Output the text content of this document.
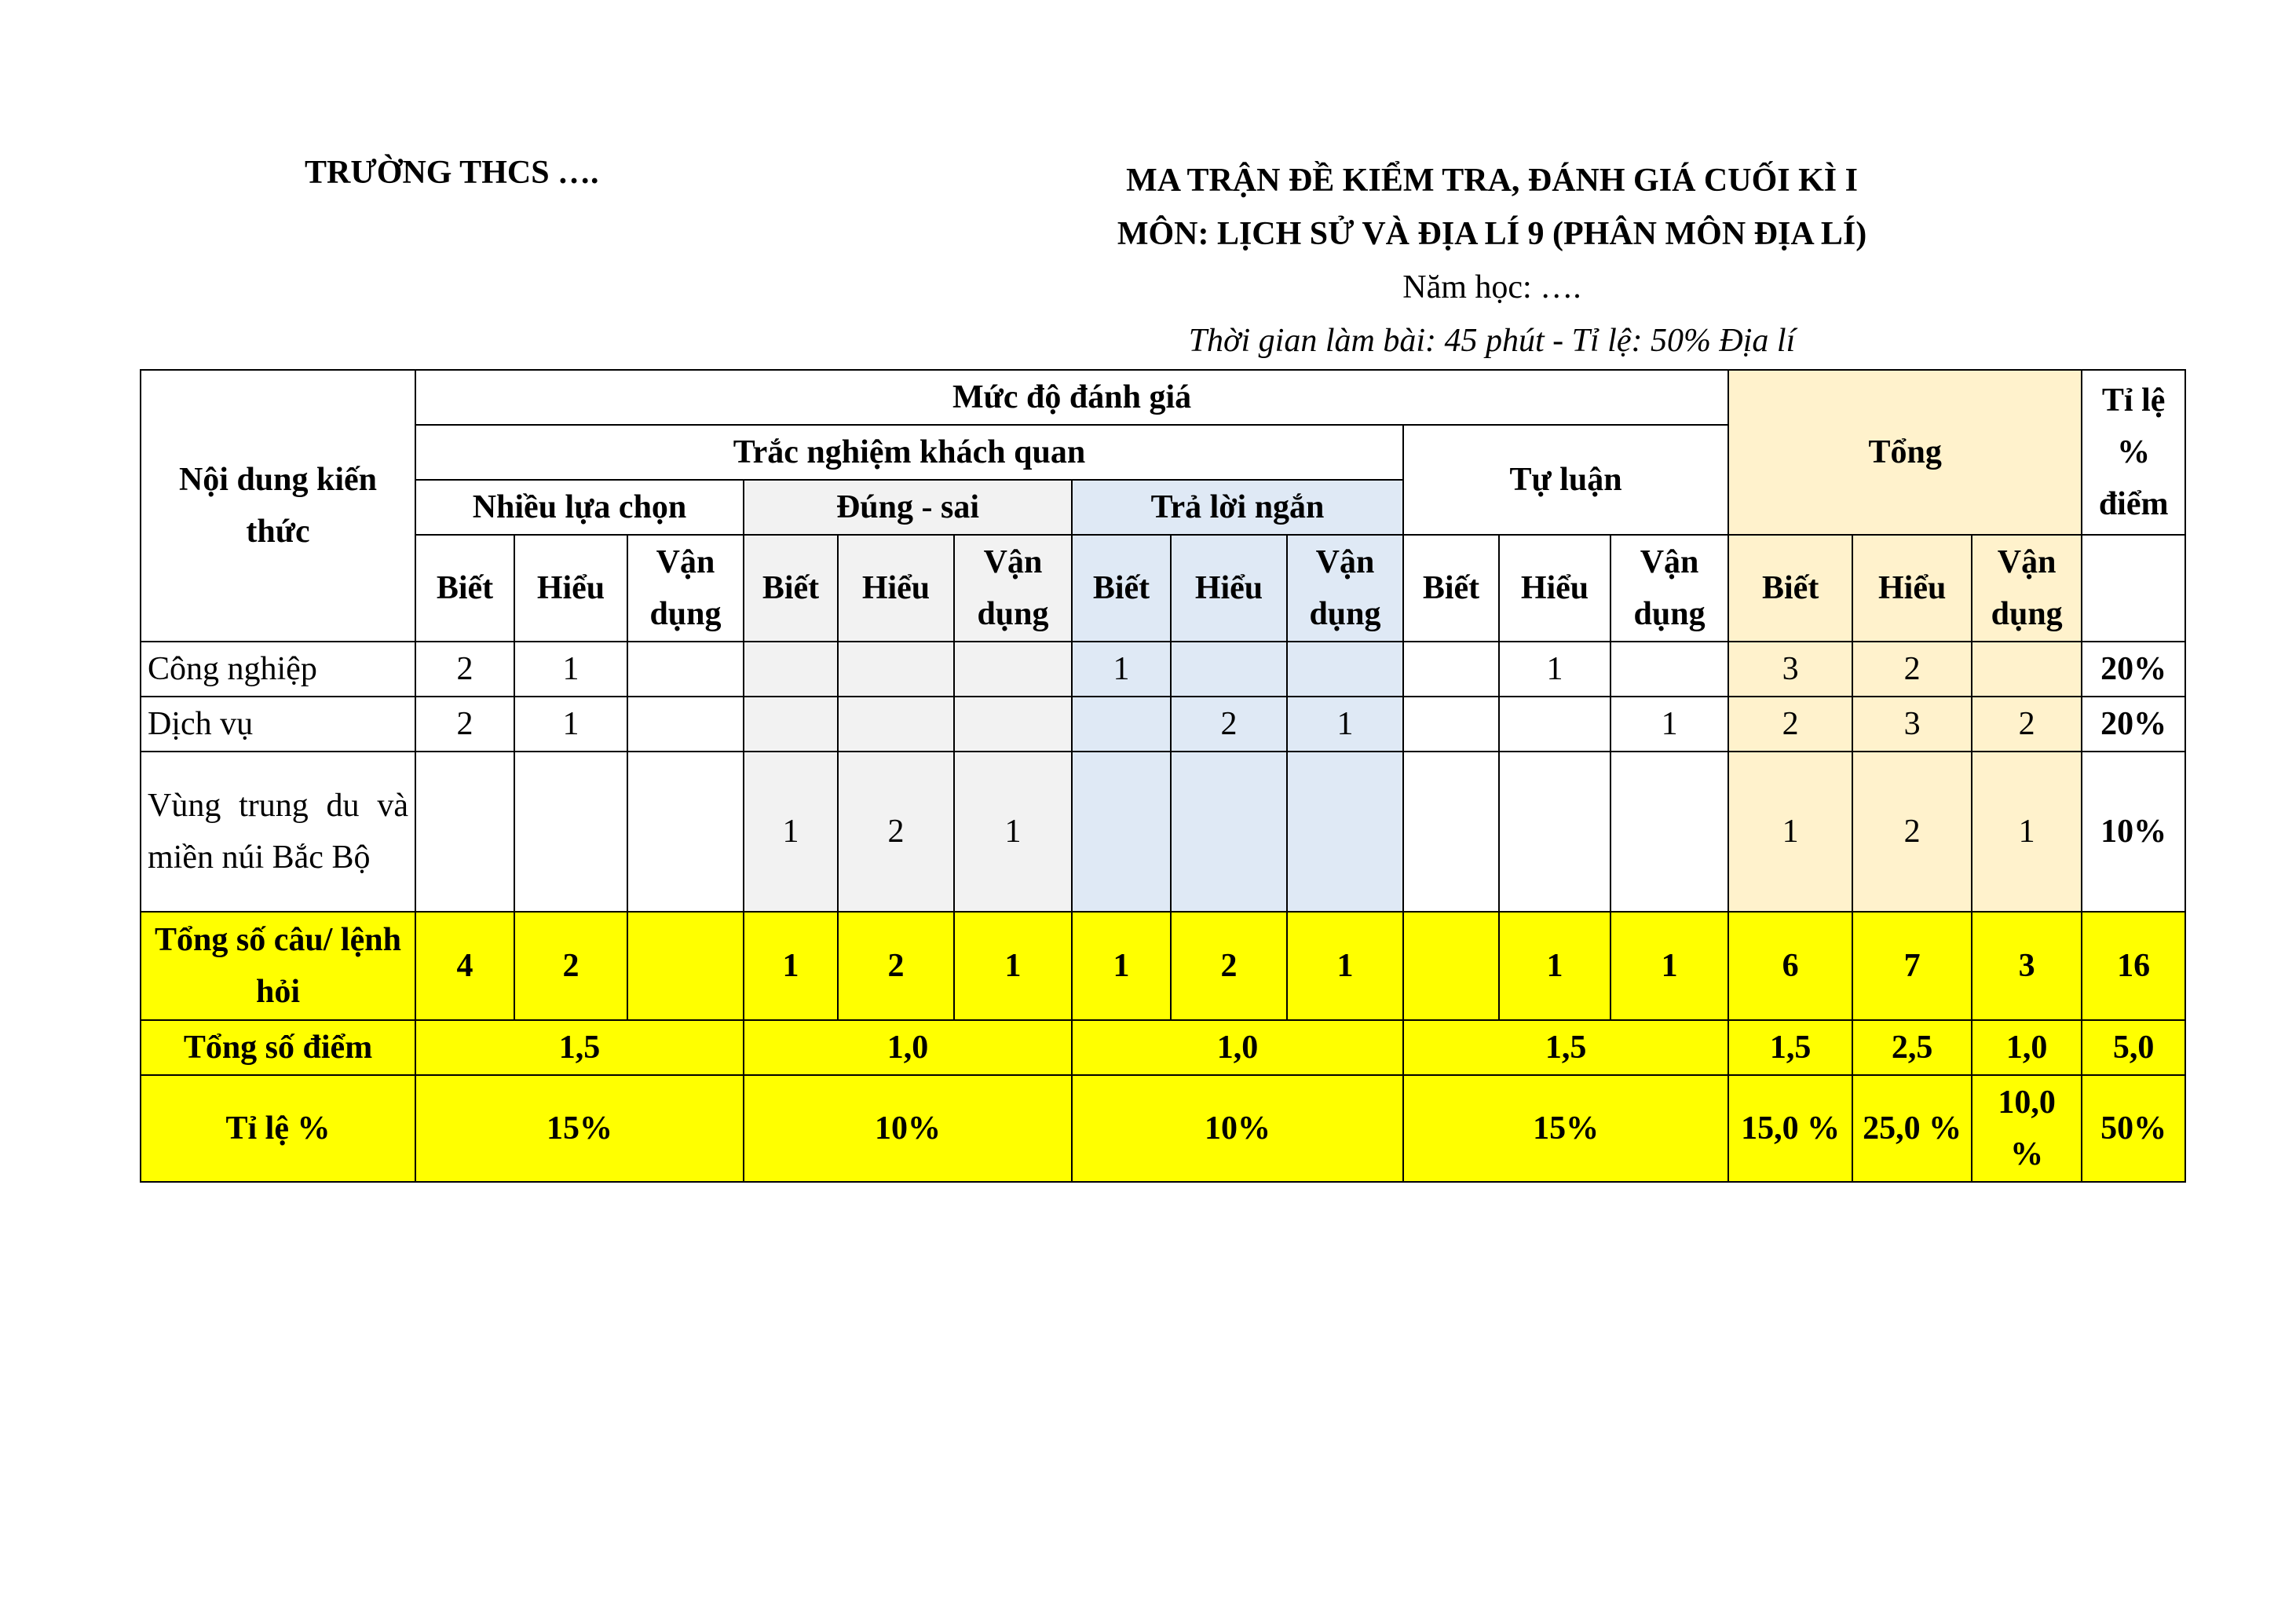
TRƯỜNG THCS ….	MA TRẬN ĐỀ KIỂM TRA, ĐÁNH GIÁ CUỐI KÌ I
MÔN: LỊCH SỬ VÀ ĐỊA LÍ 9 (PHÂN MÔN ĐỊA LÍ)
Năm học: ….
Thời gian làm bài: 45 phút - Tỉ lệ: 50% Địa lí
Nội dung kiến thức	Mức độ đánh giá												Tổng			Tỉ lệ % điểm
	Trắc nghiệm khách quan									Tự luận						
	Nhiều lựa chọn			Đúng - sai			Trả lời ngắn									
	Biết	Hiểu	Vận dụng	Biết	Hiểu	Vận dụng	Biết	Hiểu	Vận dụng	Biết	Hiểu	Vận dụng	Biết	Hiểu	Vận dụng	
Công nghiệp	2	1					1				1		3	2		20%
Dịch vụ	2	1						2	1			1	2	3	2	20%
Vùng trung du và miền núi Bắc Bộ				1	2	1							1	2	1	10%
Tổng số câu/ lệnh hỏi	4	2		1	2	1	1	2	1		1	1	6	7	3	16
Tổng số điểm	1,5			1,0			1,0			1,5			1,5	2,5	1,0	5,0
Tỉ lệ %	15%			10%			10%			15%			15,0 %	25,0 %	10,0 %	50%
